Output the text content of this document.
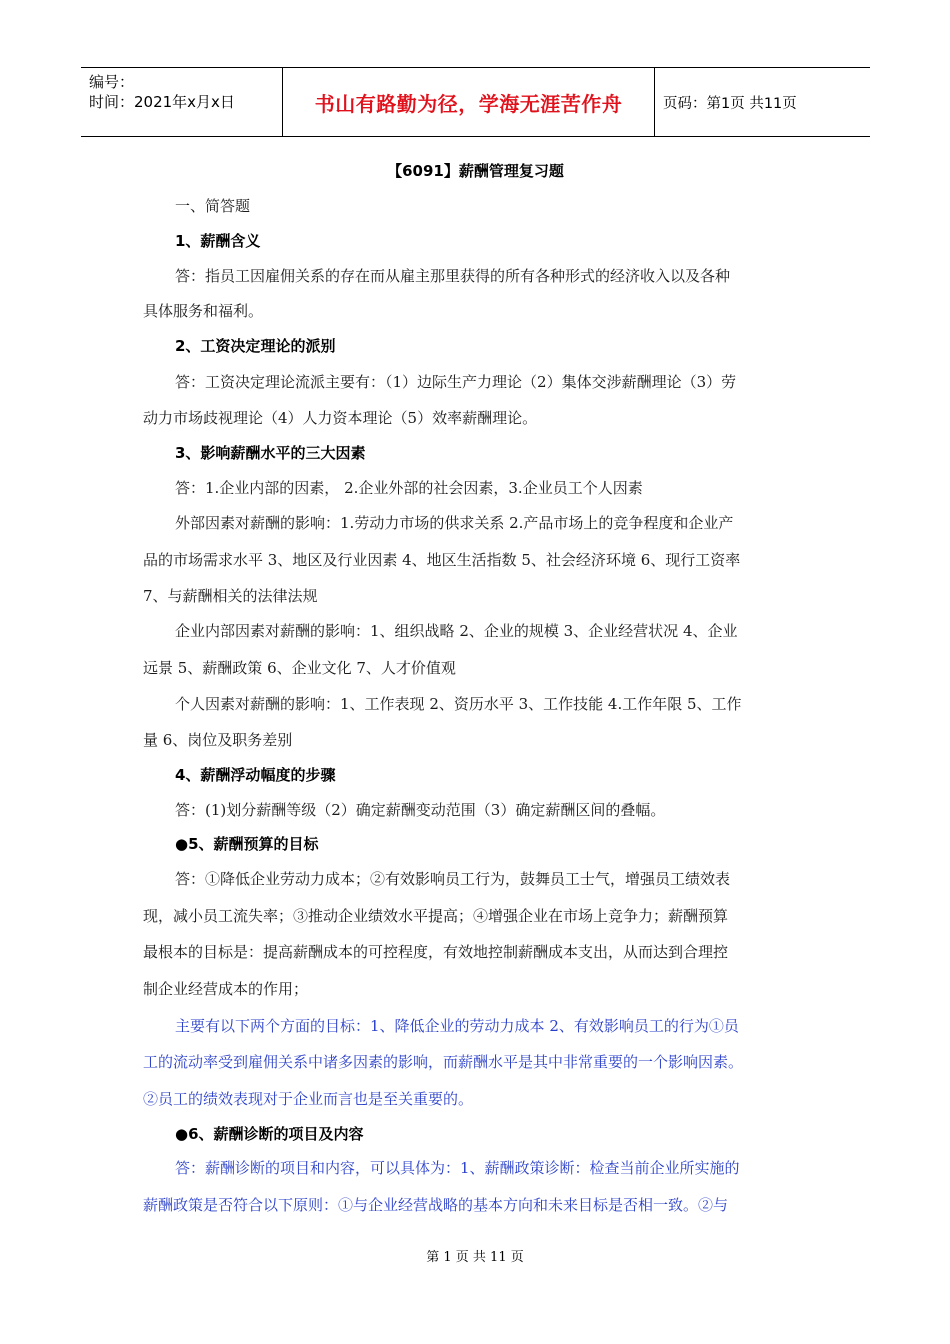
编号：
时间：2021年x月x日	书山有路勤为径，学海无涯苦作舟	页码：第1页 共11页
【6091】薪酬管理复习题
一、简答题
1、薪酬含义
答：指员工因雇佣关系的存在而从雇主那里获得的所有各种形式的经济收入以及各种
具体服务和福利。
2、工资决定理论的派别
答：工资决定理论流派主要有：（1）边际生产力理论（2）集体交涉薪酬理论（3）劳
动力市场歧视理论（4）人力资本理论（5）效率薪酬理论。
3、影响薪酬水平的三大因素
答：1.企业内部的因素， 2.企业外部的社会因素，3.企业员工个人因素
外部因素对薪酬的影响：1.劳动力市场的供求关系 2.产品市场上的竞争程度和企业产
品的市场需求水平 3、地区及行业因素 4、地区生活指数 5、社会经济环境 6、现行工资率
7、与薪酬相关的法律法规
企业内部因素对薪酬的影响：1、组织战略 2、企业的规模 3、企业经营状况 4、企业
远景 5、薪酬政策 6、企业文化 7、人才价值观
个人因素对薪酬的影响：1、工作表现 2、资历水平 3、工作技能 4.工作年限 5、工作
量 6、岗位及职务差别
4、薪酬浮动幅度的步骤
答：(1)划分薪酬等级（2）确定薪酬变动范围（3）确定薪酬区间的叠幅。
●5、薪酬预算的目标
答：①降低企业劳动力成本；②有效影响员工行为，鼓舞员工士气，增强员工绩效表
现，减小员工流失率；③推动企业绩效水平提高；④增强企业在市场上竞争力；薪酬预算
最根本的目标是：提高薪酬成本的可控程度，有效地控制薪酬成本支出，从而达到合理控
制企业经营成本的作用；
主要有以下两个方面的目标：1、降低企业的劳动力成本 2、有效影响员工的行为①员
工的流动率受到雇佣关系中诸多因素的影响，而薪酬水平是其中非常重要的一个影响因素。
②员工的绩效表现对于企业而言也是至关重要的。
●6、薪酬诊断的项目及内容
答：薪酬诊断的项目和内容，可以具体为：1、薪酬政策诊断：检查当前企业所实施的
薪酬政策是否符合以下原则：①与企业经营战略的基本方向和未来目标是否相一致。②与
第 1 页 共 11 页
